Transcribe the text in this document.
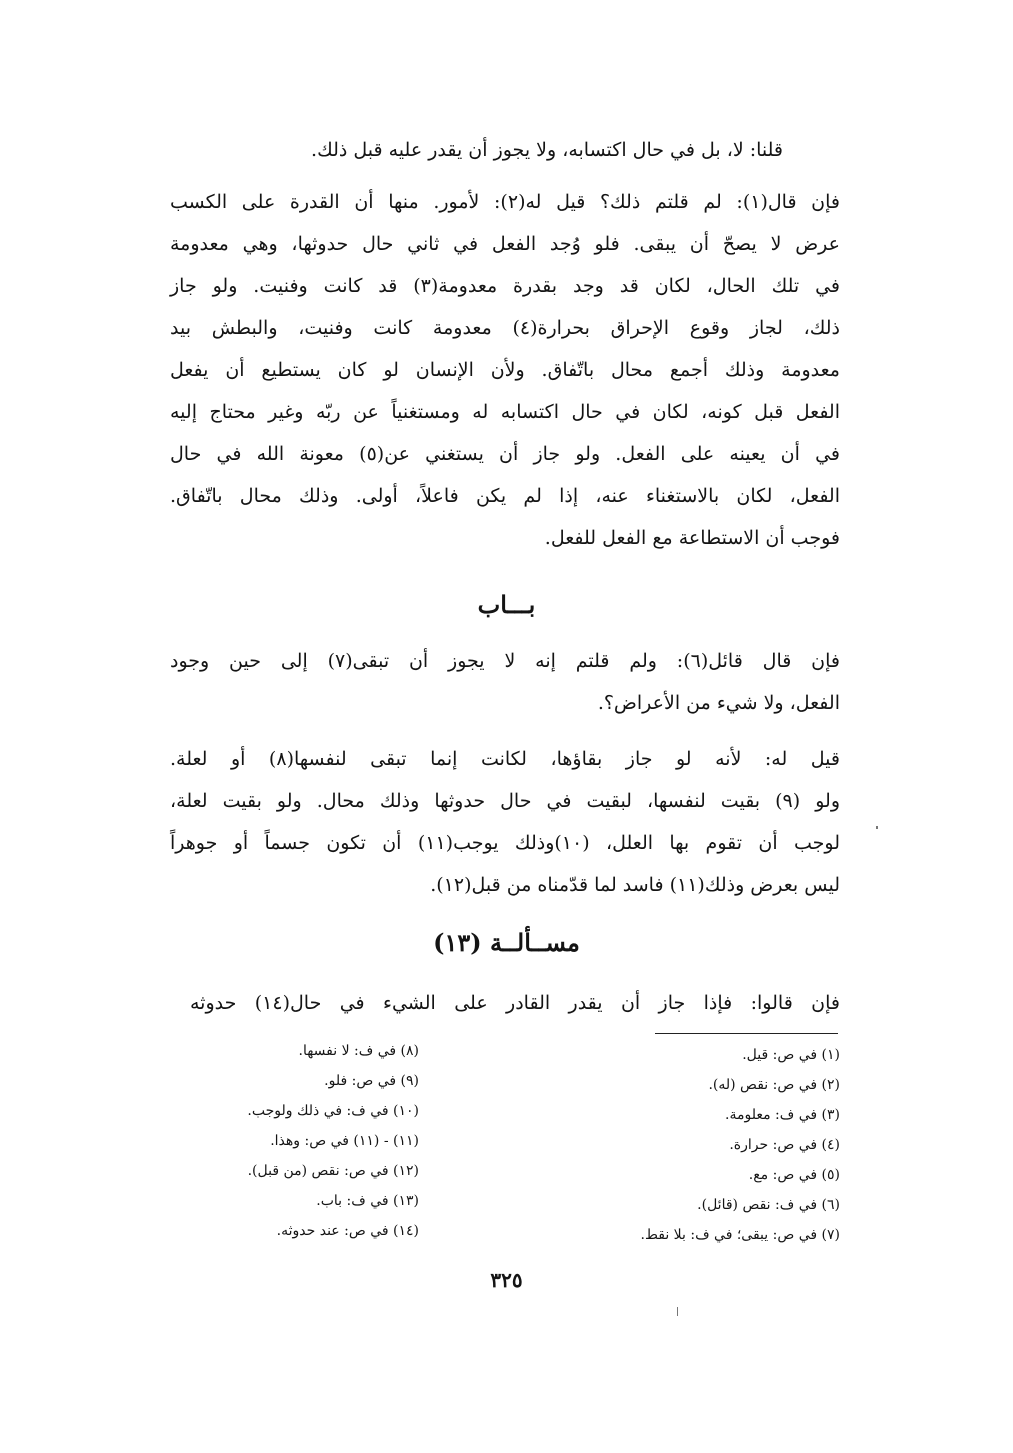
قلنا: لا، بل في حال اكتسابه، ولا يجوز أن يقدر عليه قبل ذلك.
فإن قال(١): لم قلتم ذلك؟ قيل له(٢): لأمور. منها أن القدرة على الكسب
عرض لا يصحّ أن يبقى. فلو وُجد الفعل في ثاني حال حدوثها، وهي معدومة
في تلك الحال، لكان قد وجد بقدرة معدومة(٣) قد كانت وفنيت. ولو جاز
ذلك، لجاز وقوع الإحراق بحرارة(٤) معدومة كانت وفنيت، والبطش بيد
معدومة وذلك أجمع محال باتّفاق. ولأن الإنسان لو كان يستطيع أن يفعل
الفعل قبل كونه، لكان في حال اكتسابه له ومستغنياً عن ربّه وغير محتاج إليه
في أن يعينه على الفعل. ولو جاز أن يستغني عن(٥) معونة الله في حال
الفعل، لكان بالاستغناء عنه، إذا لم يكن فاعلاً، أولى. وذلك محال باتّفاق.
فوجب أن الاستطاعة مع الفعل للفعل.
بـــاب
فإن قال قائل(٦): ولم قلتم إنه لا يجوز أن تبقى(٧) إلى حين وجود
الفعل، ولا شيء من الأعراض؟.
قيل له: لأنه لو جاز بقاؤها، لكانت إنما تبقى لنفسها(٨) أو لعلة.
ولو (٩) بقيت لنفسها، لبقيت في حال حدوثها وذلك محال. ولو بقيت لعلة،
لوجب أن تقوم بها العلل، (١٠)وذلك يوجب(١١) أن تكون جسماً أو جوهراً
ليس بعرض وذلك(١١) فاسد لما قدّمناه من قبل(١٢).
مســألــة (١٣)
فإن قالوا: فإذا جاز أن يقدر القادر على الشيء في حال(١٤) حدوثه
(١) في ص: قيل.
(٢) في ص: نقص (له).
(٣) في ف: معلومة.
(٤) في ص: حرارة.
(٥) في ص: مع.
(٦) في ف: نقص (قائل).
(٧) في ص: يبقى؛ في ف: بلا نقط.
(٨) في ف: لا نفسها.
(٩) في ص: فلو.
(١٠) في ف: في ذلك ولوجب.
(١١) - (١١) في ص: وهذا.
(١٢) في ص: نقص (من قبل).
(١٣) في ف: باب.
(١٤) في ص: عند حدوثه.
٣٢٥
